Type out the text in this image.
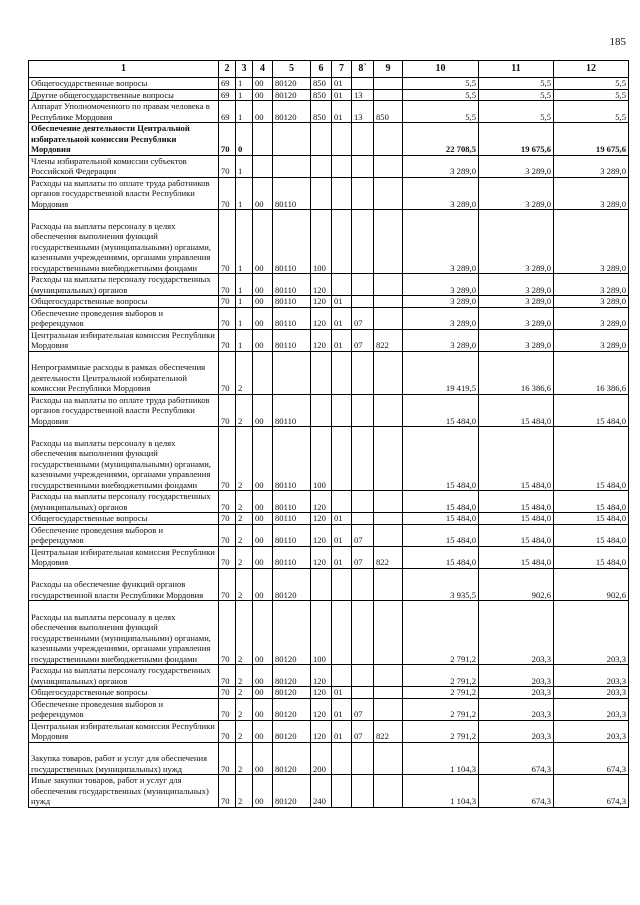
185
1	2	3	4	5	6	7	8`	9	10	11	12
Общегосударственные вопросы	69	1	00	80120	850	01			5,5	5,5	5,5
Другие общегосударственные вопросы	69	1	00	80120	850	01	13		5,5	5,5	5,5
Аппарат Уполномоченного по правам человека в Республике Мордовия	69	1	00	80120	850	01	13	850	5,5	5,5	5,5
Обеспечение деятельности Центральной избирательной комиссии Республики Мордовия	70	0							22 708,5	19 675,6	19 675,6
Члены избирательной комиссии субъектов Российской Федерации	70	1							3 289,0	3 289,0	3 289,0
Расходы на выплаты по оплате труда работников органов государственной власти Республики Мордовия	70	1	00	80110					3 289,0	3 289,0	3 289,0
Расходы на выплаты персоналу в целях обеспечения выполнения функций государственными (муниципальными) органами, казенными учреждениями, органами управления государственными внебюджетными фондами	70	1	00	80110	100				3 289,0	3 289,0	3 289,0
Расходы на выплаты персоналу государственных (муниципальных) органов	70	1	00	80110	120				3 289,0	3 289,0	3 289,0
Общегосударственные вопросы	70	1	00	80110	120	01			3 289,0	3 289,0	3 289,0
Обеспечение проведения выборов и референдумов	70	1	00	80110	120	01	07		3 289,0	3 289,0	3 289,0
Центральная избирательная комиссия Республики Мордовия	70	1	00	80110	120	01	07	822	3 289,0	3 289,0	3 289,0
Непрограммные расходы в рамках обеспечения деятельности Центральной избирательной комиссии Республики Мордовия	70	2							19 419,5	16 386,6	16 386,6
Расходы на выплаты по оплате труда работников органов государственной власти Республики Мордовия	70	2	00	80110					15 484,0	15 484,0	15 484,0
Расходы на выплаты персоналу в целях обеспечения выполнения функций государственными (муниципальными) органами, казенными учреждениями, органами управления государственными внебюджетными фондами	70	2	00	80110	100				15 484,0	15 484,0	15 484,0
Расходы на выплаты персоналу государственных (муниципальных) органов	70	2	00	80110	120				15 484,0	15 484,0	15 484,0
Общегосударственные вопросы	70	2	00	80110	120	01			15 484,0	15 484,0	15 484,0
Обеспечение проведения выборов и референдумов	70	2	00	80110	120	01	07		15 484,0	15 484,0	15 484,0
Центральная избирательная комиссия Республики Мордовия	70	2	00	80110	120	01	07	822	15 484,0	15 484,0	15 484,0
Расходы на обеспечение функций органов государственной власти Республики Мордовия	70	2	00	80120					3 935,5	902,6	902,6
Расходы на выплаты персоналу в целях обеспечения выполнения функций государственными (муниципальными) органами, казенными учреждениями, органами управления государственными внебюджетными фондами	70	2	00	80120	100				2 791,2	203,3	203,3
Расходы на выплаты персоналу государственных (муниципальных) органов	70	2	00	80120	120				2 791,2	203,3	203,3
Общегосударственные вопросы	70	2	00	80120	120	01			2 791,2	203,3	203,3
Обеспечение проведения выборов и референдумов	70	2	00	80120	120	01	07		2 791,2	203,3	203,3
Центральная избирательная комиссия Республики Мордовия	70	2	00	80120	120	01	07	822	2 791,2	203,3	203,3
Закупка товаров, работ и услуг для обеспечения государственных (муниципальных) нужд	70	2	00	80120	200				1 104,3	674,3	674,3
Иные закупки товаров, работ и услуг для обеспечения государственных (муниципальных) нужд	70	2	00	80120	240				1 104,3	674,3	674,3
